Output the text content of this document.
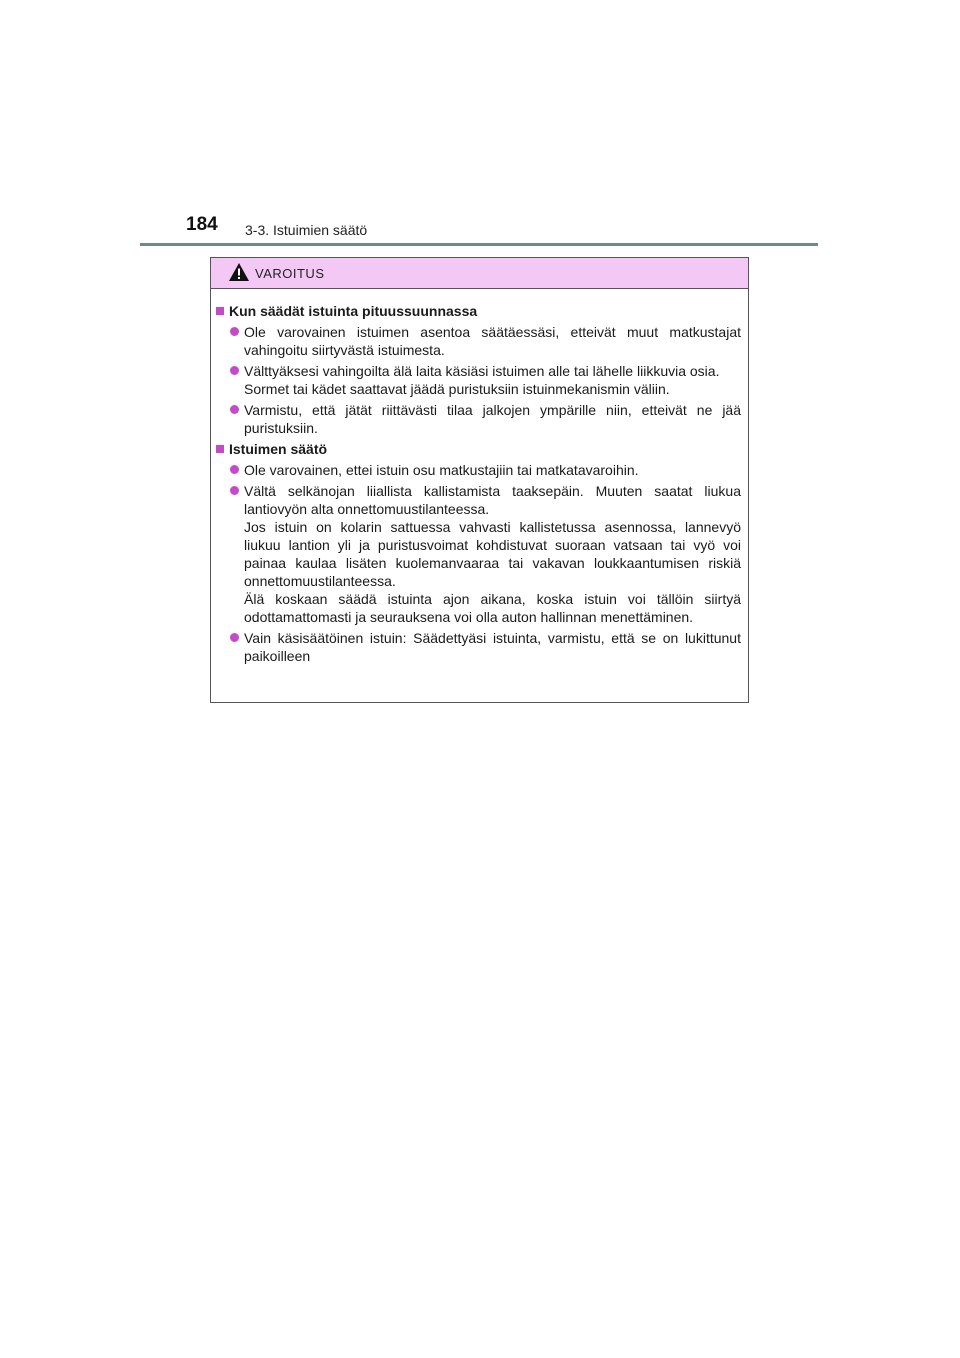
184 3-3. Istuimien säätö
VAROITUS
Kun säädät istuinta pituussuunnassa
Ole varovainen istuimen asentoa säätäessäsi, etteivät muut matkustajat vahingoitu siirtyvästä istuimesta.
Välttyäksesi vahingoilta älä laita käsiäsi istuimen alle tai lähelle liikkuvia osia.
Sormet tai kädet saattavat jäädä puristuksiin istuinmekanismin väliin.
Varmistu, että jätät riittävästi tilaa jalkojen ympärille niin, etteivät ne jää puristuksiin.
Istuimen säätö
Ole varovainen, ettei istuin osu matkustajiin tai matkatavaroihin.
Vältä selkänojan liiallista kallistamista taaksepäin. Muuten saatat liukua lantiovyön alta onnettomuustilanteessa.
Jos istuin on kolarin sattuessa vahvasti kallistetussa asennossa, lannevyö liukuu lantion yli ja puristusvoimat kohdistuvat suoraan vatsaan tai vyö voi painaa kaulaa lisäten kuolemanvaaraa tai vakavan loukkaantumisen riskiä onnettomuustilanteessa.
Älä koskaan säädä istuinta ajon aikana, koska istuin voi tällöin siirtyä odottamattomasti ja seurauksena voi olla auton hallinnan menettäminen.
Vain käsisäätöinen istuin: Säädettyäsi istuinta, varmistu, että se on lukittunut paikoilleen
